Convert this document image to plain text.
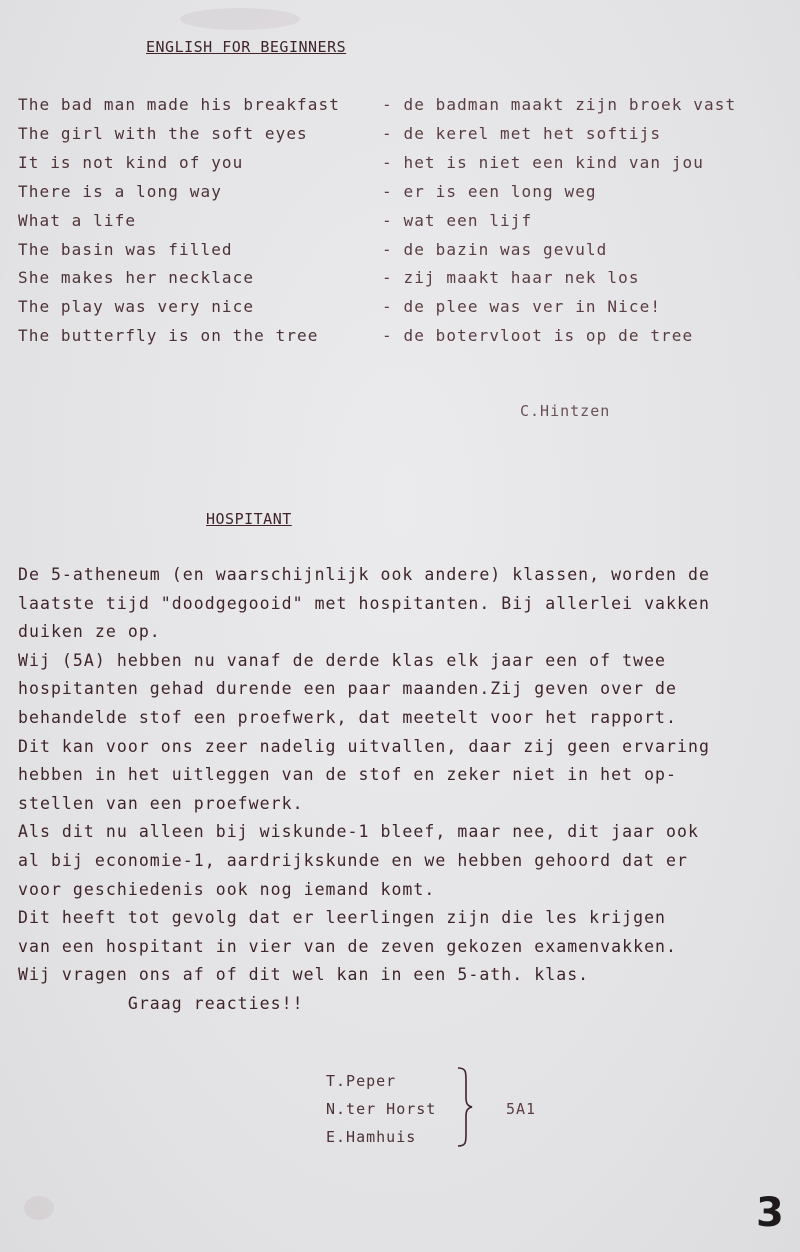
ENGLISH FOR BEGINNERS
The bad man made his breakfast	- de badman maakt zijn broek vast
The girl with the soft eyes	- de kerel met het softijs
It is not kind of you	- het is niet een kind van jou
There is a long way	- er is een long weg
What a life	- wat een lijf
The basin was filled	- de bazin was gevuld
She makes her necklace	- zij maakt haar nek los
The play was very nice	- de plee was ver in Nice!
The butterfly is on the tree	- de botervloot is op de tree
C.Hintzen
HOSPITANT
De 5-atheneum (en waarschijnlijk ook andere) klassen, worden de
laatste tijd "doodgegooid" met hospitanten. Bij allerlei vakken
duiken ze op.
Wij (5A) hebben nu vanaf de derde klas elk jaar een of twee
hospitanten gehad durende een paar maanden.Zij geven over de
behandelde stof een proefwerk, dat meetelt voor het rapport.
Dit kan voor ons zeer nadelig uitvallen, daar zij geen ervaring
hebben in het uitleggen van de stof en zeker niet in het op-
stellen van een proefwerk.
Als dit nu alleen bij wiskunde-1 bleef, maar nee, dit jaar ook
al bij economie-1, aardrijkskunde en we hebben gehoord dat er
voor geschiedenis ook nog iemand komt.
Dit heeft tot gevolg dat er leerlingen zijn die les krijgen
van een hospitant in vier van de zeven gekozen examenvakken.
Wij vragen ons af of dit wel kan in een 5-ath. klas.
Graag reacties!!
T.Peper
N.ter Horst
E.Hamhuis
5A1
3
